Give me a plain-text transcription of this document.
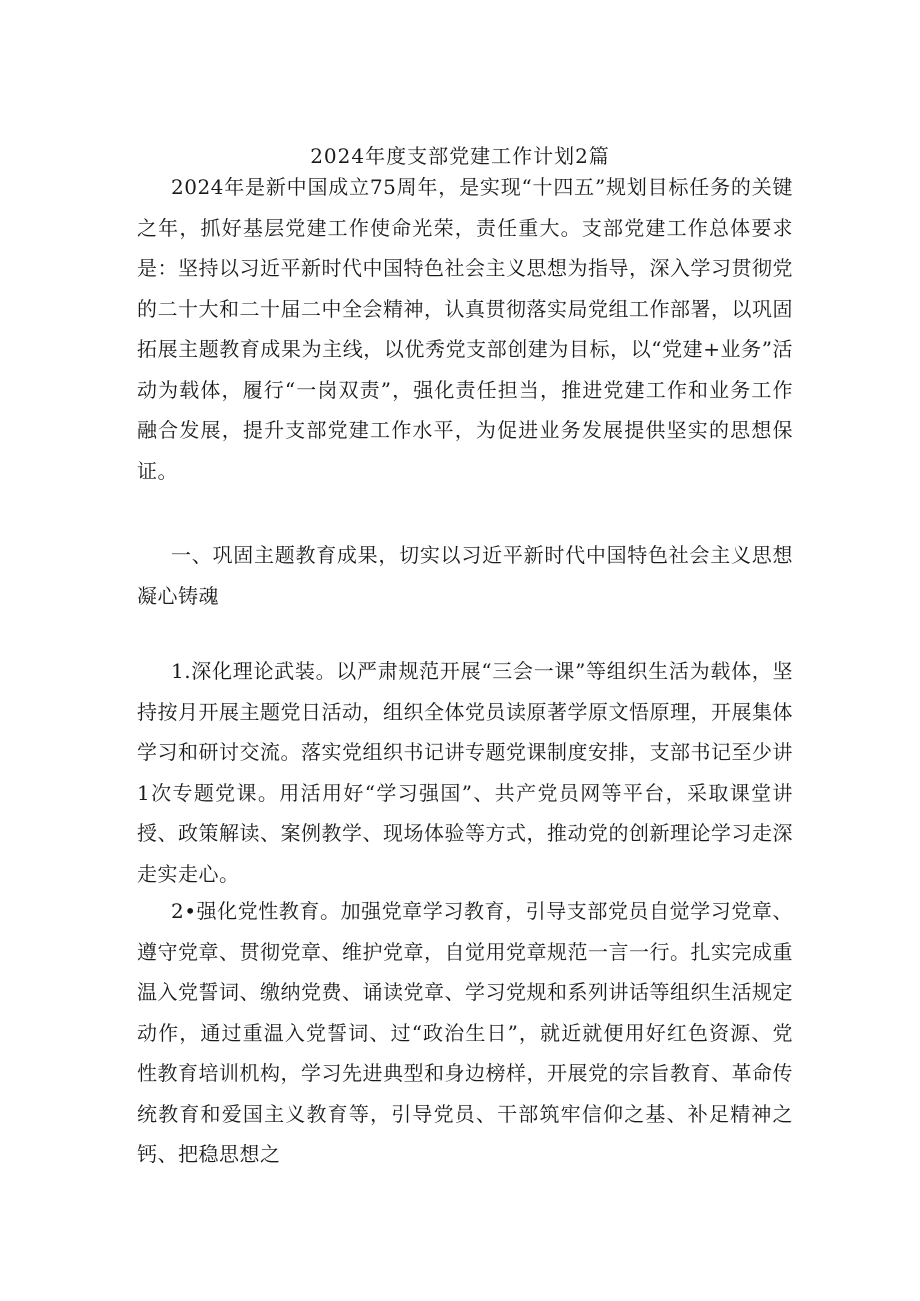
2024年度支部党建工作计划2篇

2024年是新中国成立75周年，是实现“十四五”规划目标任务的关键之年，抓好基层党建工作使命光荣，责任重大。支部党建工作总体要求是：坚持以习近平新时代中国特色社会主义思想为指导，深入学习贯彻党的二十大和二十届二中全会精神，认真贯彻落实局党组工作部署，以巩固拓展主题教育成果为主线，以优秀党支部创建为目标，以“党建+业务”活动为载体，履行“一岗双责”，强化责任担当，推进党建工作和业务工作融合发展，提升支部党建工作水平，为促进业务发展提供坚实的思想保证。

一、巩固主题教育成果，切实以习近平新时代中国特色社会主义思想凝心铸魂

1.深化理论武装。以严肃规范开展“三会一课”等组织生活为载体，坚持按月开展主题党日活动，组织全体党员读原著学原文悟原理，开展集体学习和研讨交流。落实党组织书记讲专题党课制度安排，支部书记至少讲1次专题党课。用活用好“学习强国”、共产党员网等平台，采取课堂讲授、政策解读、案例教学、现场体验等方式，推动党的创新理论学习走深走实走心。

2•强化党性教育。加强党章学习教育，引导支部党员自觉学习党章、遵守党章、贯彻党章、维护党章，自觉用党章规范一言一行。扎实完成重温入党誓词、缴纳党费、诵读党章、学习党规和系列讲话等组织生活规定动作，通过重温入党誓词、过“政治生日”，就近就便用好红色资源、党性教育培训机构，学习先进典型和身边榜样，开展党的宗旨教育、革命传统教育和爱国主义教育等，引导党员、干部筑牢信仰之基、补足精神之钙、把稳思想之
